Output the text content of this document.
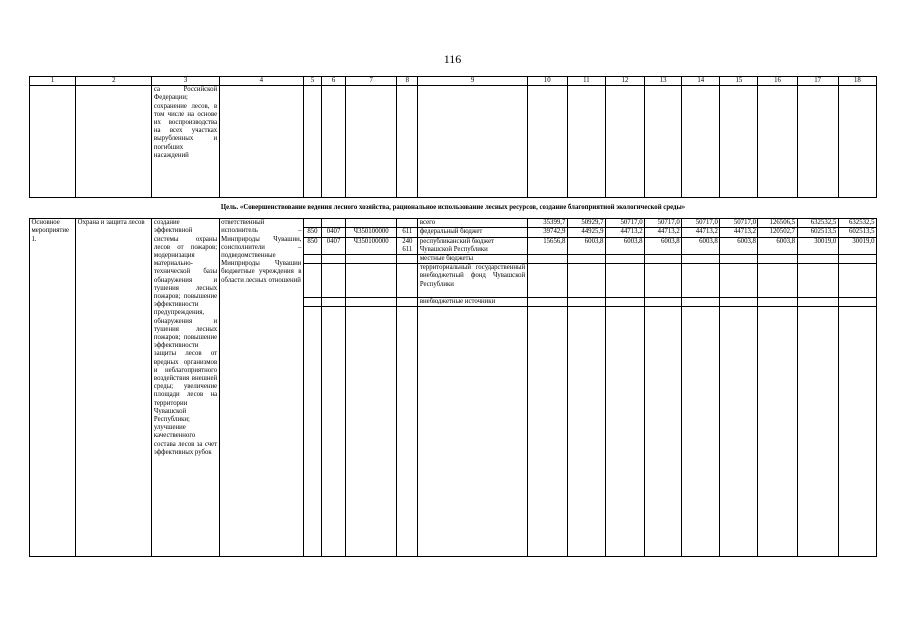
116
1	2	3	4	5	6	7	8	9	10	11	12	13	14	15	16	17	18
		са Российской Федерации; сохранение лесов, в том числе на основе их воспроизводства на всех участках вырубленных и погибших насаждений															
Цель. «Совершенствование ведения лесного хозяйства, рациональное использование лесных ресурсов, создание благоприятной экологической среды»																	
Основное мероприятие 1.	Охрана и защита лесов	создание эффективной системы охраны лесов от пожаров; модернизация материально-технической базы обнаружения и тушения лесных пожаров; повышение эффективности предупреждения, обнаружения и тушения лесных пожаров; повышение эффективности защиты лесов от вредных организмов и неблагоприятного воздействия внешней среды; увеличение площади лесов на территории Чувашской Республики; улучшение качественного состава лесов за счет эффективных рубок	ответственный исполнитель – Минприроды Чувашии, соисполнители – подведомственные Минприроды Чувашии бюджетные учреждения в области лесных отношений					всего	35399,7	50929,7	50717,0	50717,0	50717,0	50717,0	126506,5	632532,5	632532,5
				850	0407	Ч350100000	611	федеральный бюджет	39742,9	44925,9	44713,2	44713,2	44713,2	44713,2	120502,7	602513,5	602513,5
				850	0407	Ч350100000	240 611	республиканский бюджет Чувашской Республики	15656,8	6003,8	6003,8	6003,8	6003,8	6003,8	6003,8	30019,0	30019,0
								местные бюджеты									
								территориальный государственный внебюджетный фонд Чувашской Республики									
								внебюджетные источники									
